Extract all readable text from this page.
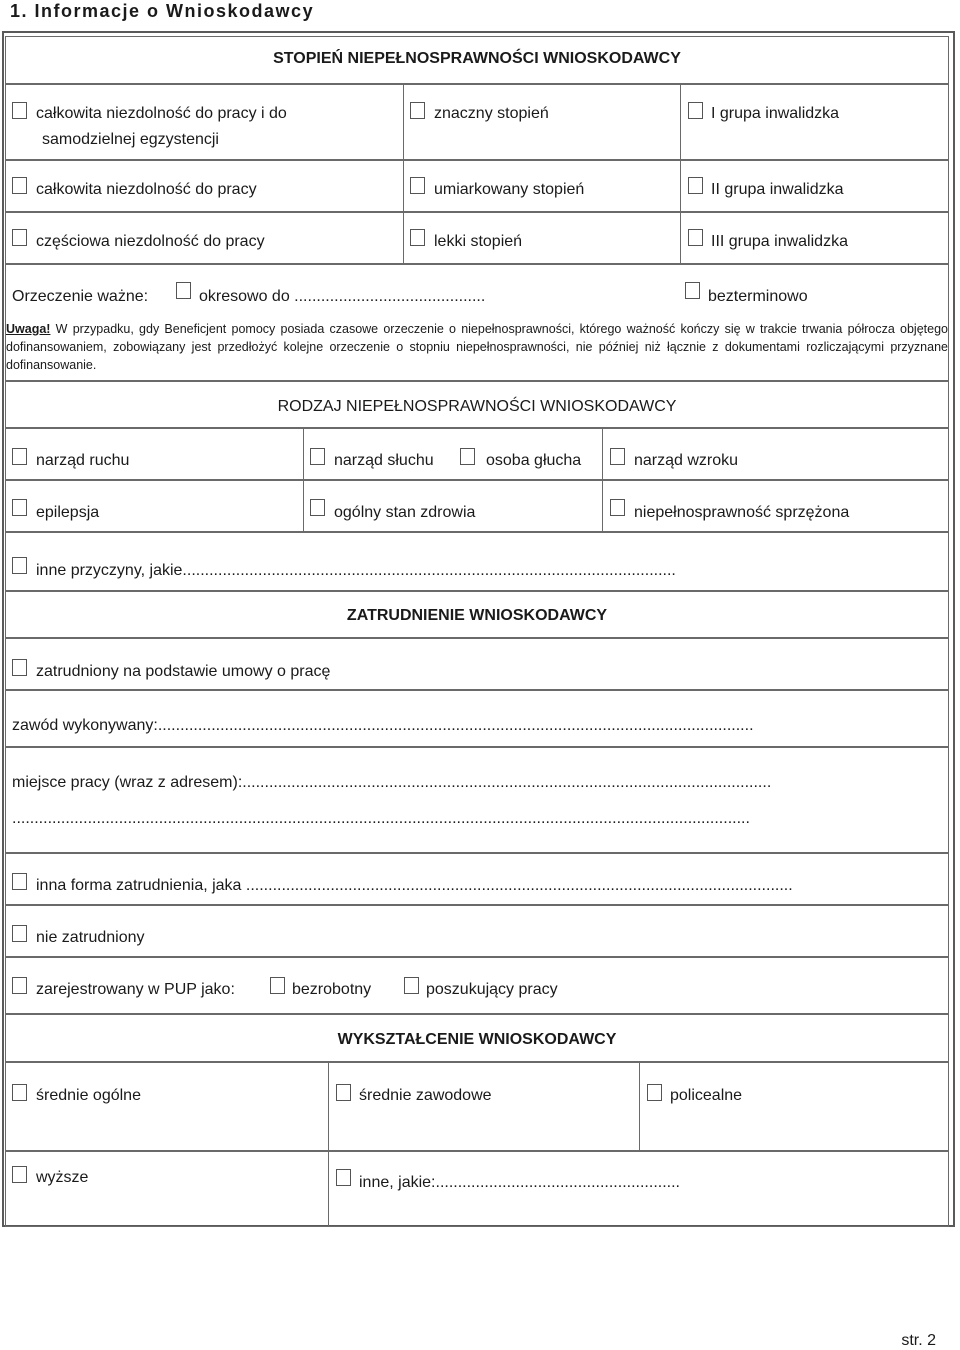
1. Informacje o Wnioskodawcy
STOPIEŃ NIEPEŁNOSPRAWNOŚCI WNIOSKODAWCY
całkowita niezdolność do pracy i do
samodzielnej egzystencji
znaczny stopień	I grupa inwalidzka
całkowita niezdolność do pracy	umiarkowany stopień	II grupa inwalidzka
częściowa niezdolność do pracy	lekki stopień	III grupa inwalidzka
Orzeczenie ważne:	okresowo do ...........................................	bezterminowo
Uwaga! W przypadku, gdy Beneficjent pomocy posiada czasowe orzeczenie o niepełnosprawności, którego ważność kończy się w trakcie trwania półrocza objętego dofinansowaniem, zobowiązany jest przedłożyć kolejne orzeczenie o stopniu niepełnosprawności, nie później niż łącznie z dokumentami rozliczającymi przyznane dofinansowanie.
RODZAJ NIEPEŁNOSPRAWNOŚCI WNIOSKODAWCY
narząd ruchu	narząd słuchu	osoba głucha	narząd wzroku
epilepsja	ogólny stan zdrowia	niepełnosprawność sprzężona
inne przyczyny, jakie...............................................................................................................
ZATRUDNIENIE WNIOSKODAWCY
zatrudniony na podstawie umowy o pracę
zawód wykonywany:......................................................................................................................................
miejsce pracy (wraz z adresem):.......................................................................................................................
......................................................................................................................................................................
inna forma zatrudnienia, jaka ...........................................................................................................................
nie zatrudniony
zarejestrowany w PUP jako:	bezrobotny	poszukujący pracy
WYKSZTAŁCENIE WNIOSKODAWCY
średnie ogólne	średnie zawodowe	policealne
wyższe	inne, jakie:.......................................................
str. 2
